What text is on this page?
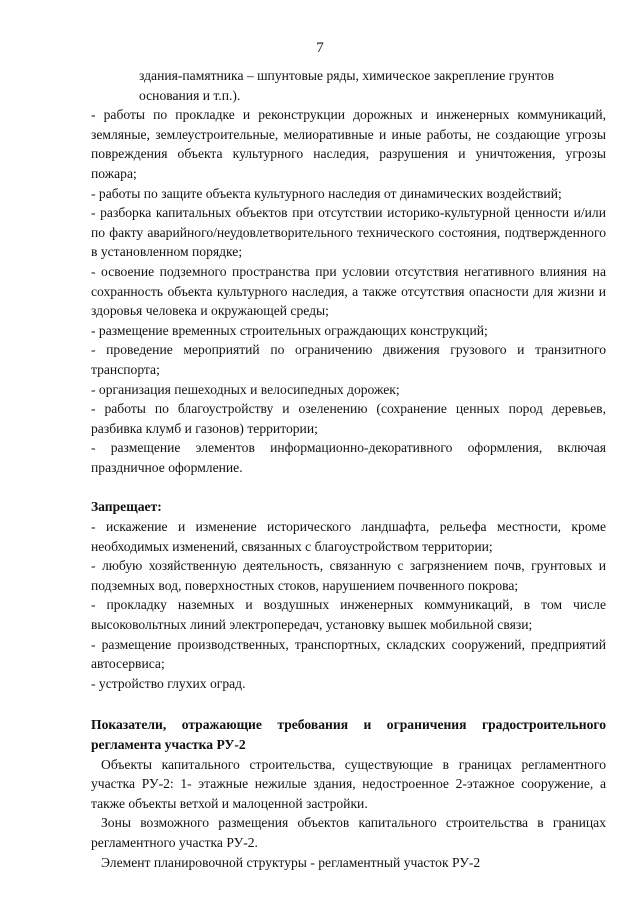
7

здания-памятника – шпунтовые ряды, химическое закрепление грунтов

основания и т.п.).

- работы по прокладке и реконструкции дорожных и инженерных коммуникаций, земляные, землеустроительные, мелиоративные и иные работы, не создающие угрозы повреждения объекта культурного наследия, разрушения и уничтожения, угрозы пожара;

- работы по защите объекта культурного наследия от динамических воздействий;

- разборка капитальных объектов при отсутствии историко-культурной ценности и/или по факту аварийного/неудовлетворительного технического состояния, подтвержденного в установленном порядке;

- освоение подземного пространства при условии отсутствия негативного влияния на сохранность объекта культурного наследия, а также отсутствия опасности для жизни и здоровья человека и окружающей среды;

- размещение временных строительных ограждающих конструкций;

- проведение мероприятий по ограничению движения грузового и транзитного транспорта;

- организация пешеходных и велосипедных дорожек;

- работы по благоустройству и озеленению (сохранение ценных пород деревьев, разбивка клумб и газонов) территории;

- размещение элементов информационно-декоративного оформления, включая праздничное оформление.

Запрещает:

- искажение и изменение исторического ландшафта, рельефа местности, кроме необходимых изменений, связанных с благоустройством территории;

- любую хозяйственную деятельность, связанную с загрязнением почв, грунтовых и подземных вод, поверхностных стоков, нарушением почвенного покрова;

- прокладку наземных и воздушных инженерных коммуникаций, в том числе высоковольтных линий электропередач, установку вышек мобильной связи;

- размещение производственных, транспортных, складских сооружений, предприятий автосервиса;

- устройство глухих оград.

Показатели, отражающие требования и ограничения градостроительного регламента участка РУ-2

Объекты капитального строительства, существующие в границах регламентного участка РУ-2: 1- этажные нежилые здания, недостроенное 2-этажное сооружение, а также объекты ветхой и малоценной застройки.

Зоны возможного размещения объектов капитального строительства в границах регламентного участка РУ-2.

Элемент планировочной структуры - регламентный участок РУ-2
